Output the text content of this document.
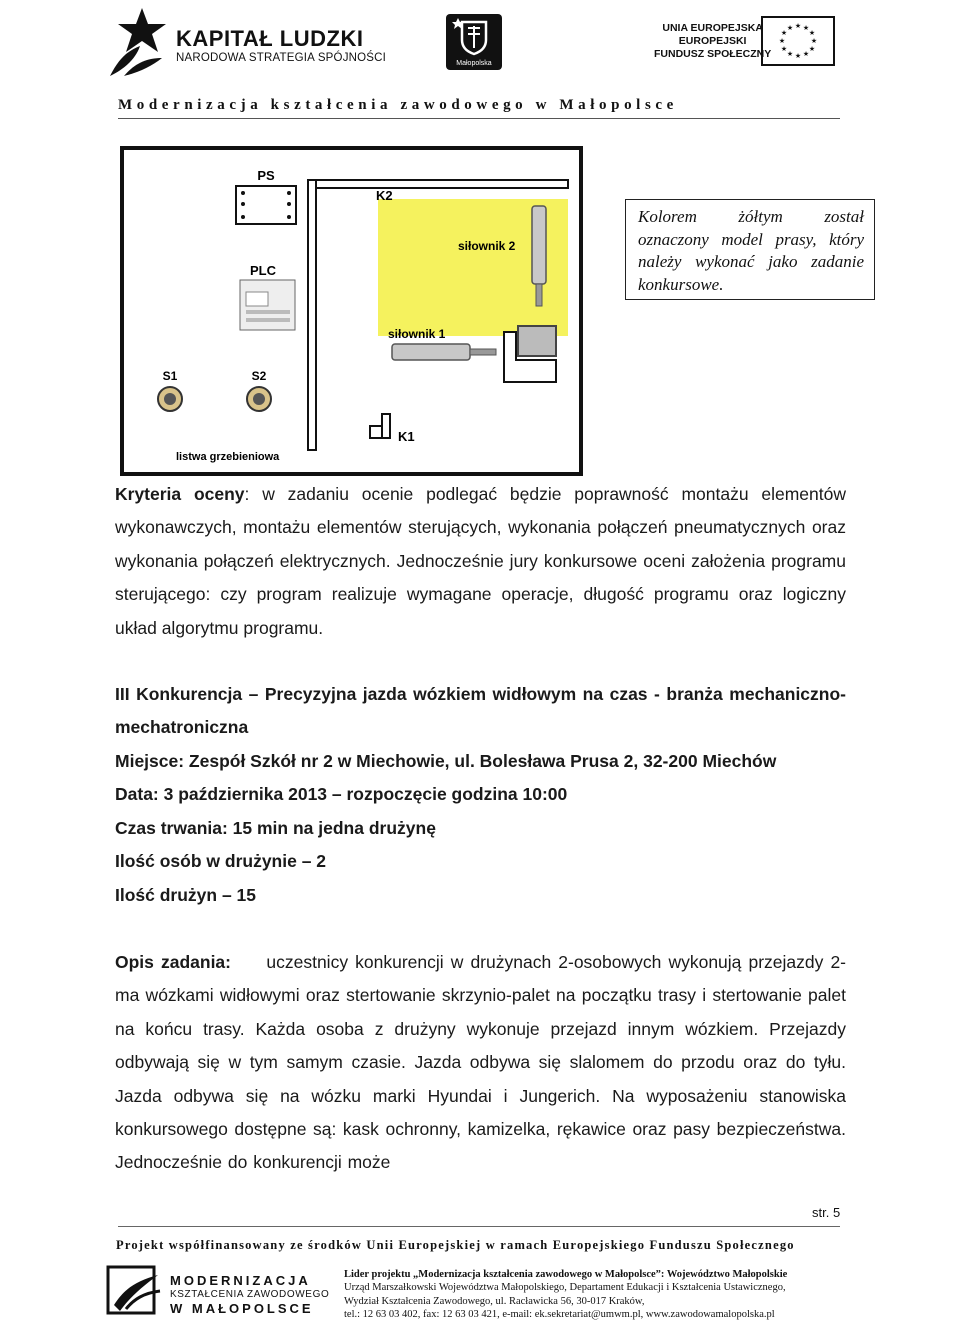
KAPITAŁ LUDZKI
NARODOWA STRATEGIA SPÓJNOŚCI	Małopolska
UNIA EUROPEJSKA
EUROPEJSKI
FUNDUSZ SPOŁECZNY
★ ★
★
★
★
★
★
★
★
★
★
★
Modernizacja kształcenia zawodowego w Małopolsce
PS
PLC
K2
siłownik 2
siłownik 1
S1	S2
K1
listwa grzebieniowa
Kolorem żółtym został oznaczony model prasy, który należy wykonać jako zadanie konkursowe.
Kryteria oceny: w zadaniu ocenie podlegać będzie poprawność montażu elementów wykonawczych, montażu elementów sterujących, wykonania połączeń pneumatycznych oraz wykonania połączeń elektrycznych. Jednocześnie jury konkursowe oceni założenia programu sterującego: czy program realizuje wymagane operacje, długość programu oraz logiczny układ algorytmu programu.
III Konkurencja – Precyzyjna jazda wózkiem widłowym na czas - branża mechaniczno-mechatroniczna
Miejsce: Zespół Szkół nr 2 w Miechowie, ul. Bolesława Prusa 2, 32-200 Miechów
Data: 3 października 2013 – rozpoczęcie godzina 10:00
Czas trwania: 15 min na jedna drużynę
Ilość osób w drużynie – 2
Ilość drużyn – 15
Opis zadania: uczestnicy konkurencji w drużynach 2-osobowych wykonują przejazdy 2-ma wózkami widłowymi oraz stertowanie skrzynio-palet na początku trasy i stertowanie palet na końcu trasy. Każda osoba z drużyny wykonuje przejazd innym wózkiem. Przejazdy odbywają się w tym samym czasie. Jazda odbywa się slalomem do przodu oraz do tyłu. Jazda odbywa się na wózku marki Hyundai i Jungerich. Na wyposażeniu stanowiska konkursowego dostępne są: kask ochronny, kamizelka, rękawice oraz pasy bezpieczeństwa. Jednocześnie do konkurencji może
str. 5
Projekt współfinansowany ze środków Unii Europejskiej w ramach Europejskiego Funduszu Społecznego
MODERNIZACJA
KSZTAŁCENIA ZAWODOWEGO
W MAŁOPOLSCE
Lider projektu „Modernizacja kształcenia zawodowego w Małopolsce”: Województwo Małopolskie
Urząd Marszałkowski Województwa Małopolskiego, Departament Edukacji i Kształcenia Ustawicznego,
Wydział Kształcenia Zawodowego, ul. Racławicka 56, 30-017 Kraków,
tel.: 12 63 03 402, fax: 12 63 03 421, e-mail: ek.sekretariat@umwm.pl, www.zawodowamalopolska.pl
